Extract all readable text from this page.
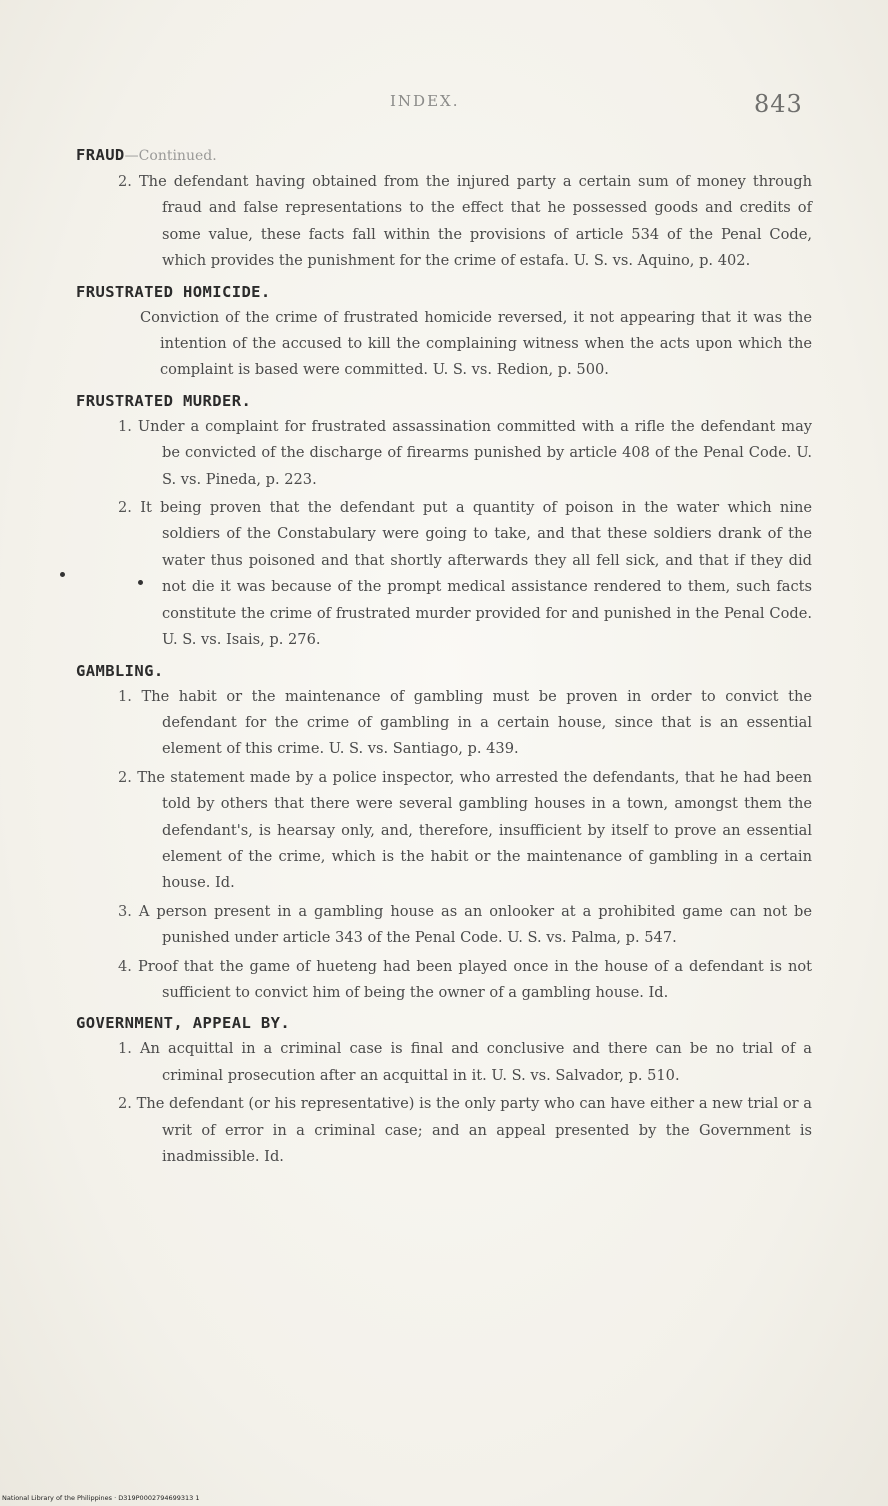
INDEX.	843
FRAUD—Continued.

2. The defendant having obtained from the injured party a certain sum of money through fraud and false representations to the effect that he possessed goods and credits of some value, these facts fall within the provisions of article 534 of the Penal Code, which provides the punishment for the crime of estafa. U. S. vs. Aquino, p. 402.

FRUSTRATED HOMICIDE.

Conviction of the crime of frustrated homicide reversed, it not appearing that it was the intention of the accused to kill the complaining witness when the acts upon which the complaint is based were committed. U. S. vs. Redion, p. 500.

FRUSTRATED MURDER.

1. Under a complaint for frustrated assassination committed with a rifle the defendant may be convicted of the discharge of firearms punished by article 408 of the Penal Code. U. S. vs. Pineda, p. 223.

2. It being proven that the defendant put a quantity of poison in the water which nine soldiers of the Constabulary were going to take, and that these soldiers drank of the water thus poisoned and that shortly afterwards they all fell sick, and that if they did not die it was because of the prompt medical assistance rendered to them, such facts constitute the crime of frustrated murder provided for and punished in the Penal Code. U. S. vs. Isais, p. 276.

GAMBLING.

1. The habit or the maintenance of gambling must be proven in order to convict the defendant for the crime of gambling in a certain house, since that is an essential element of this crime. U. S. vs. Santiago, p. 439.

2. The statement made by a police inspector, who arrested the defendants, that he had been told by others that there were several gambling houses in a town, amongst them the defendant's, is hearsay only, and, therefore, insufficient by itself to prove an essential element of the crime, which is the habit or the maintenance of gambling in a certain house. Id.

3. A person present in a gambling house as an onlooker at a prohibited game can not be punished under article 343 of the Penal Code. U. S. vs. Palma, p. 547.

4. Proof that the game of hueteng had been played once in the house of a defendant is not sufficient to convict him of being the owner of a gambling house. Id.

GOVERNMENT, APPEAL BY.

1. An acquittal in a criminal case is final and conclusive and there can be no trial of a criminal prosecution after an acquittal in it. U. S. vs. Salvador, p. 510.

2. The defendant (or his representative) is the only party who can have either a new trial or a writ of error in a criminal case; and an appeal presented by the Government is inadmissible. Id.

National Library of the Philippines · D319P0002794699313 1
